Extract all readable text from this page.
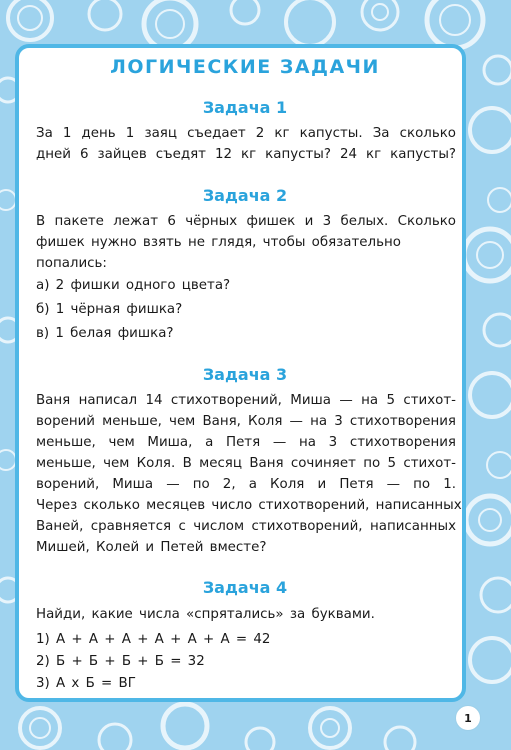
ЛОГИЧЕСКИЕ ЗАДАЧИ
Задача 1
За 1 день 1 заяц съедает 2 кг капусты. За сколько
дней 6 зайцев съедят 12 кг капусты? 24 кг капусты?
Задача 2
В пакете лежат 6 чёрных фишек и 3 белых. Сколько
фишек нужно взять не глядя, чтобы обязательно
попались:
а) 2 фишки одного цвета?
б) 1 чёрная фишка?
в) 1 белая фишка?
Задача 3
Ваня написал 14 стихотворений, Миша — на 5 стихот-
ворений меньше, чем Ваня, Коля — на 3 стихотворения
меньше, чем Миша, а Петя — на 3 стихотворения
меньше, чем Коля. В месяц Ваня сочиняет по 5 стихот-
ворений, Миша — по 2, а Коля и Петя — по 1.
Через сколько месяцев число стихотворений, написанных
Ваней, сравняется с числом стихотворений, написанных
Мишей, Колей и Петей вместе?
Задача 4
Найди, какие числа «спрятались» за буквами.
1) А + А + А + А + А + А = 42
2) Б + Б + Б + Б = 32
3) А х Б = ВГ
1
